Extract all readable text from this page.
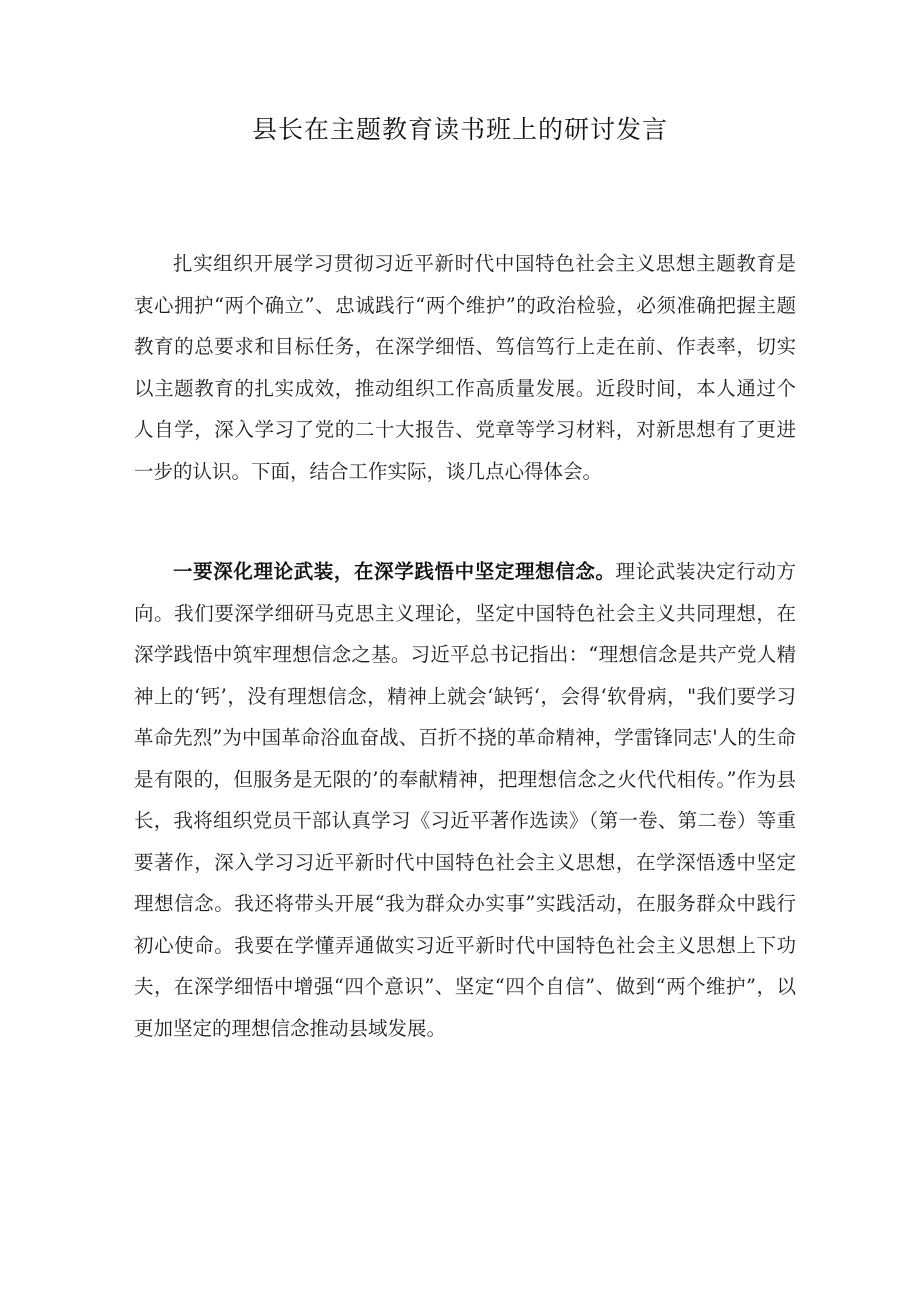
县长在主题教育读书班上的研讨发言

扎实组织开展学习贯彻习近平新时代中国特色社会主义思想主题教育是衷心拥护“两个确立”、忠诚践行“两个维护”的政治检验，必须准确把握主题教育的总要求和目标任务，在深学细悟、笃信笃行上走在前、作表率，切实以主题教育的扎实成效，推动组织工作高质量发展。近段时间，本人通过个人自学，深入学习了党的二十大报告、党章等学习材料，对新思想有了更进一步的认识。下面，结合工作实际，谈几点心得体会。

一要深化理论武装，在深学践悟中坚定理想信念。理论武装决定行动方向。我们要深学细研马克思主义理论，坚定中国特色社会主义共同理想，在深学践悟中筑牢理想信念之基。习近平总书记指出：“理想信念是共产党人精神上的‘钙’，没有理想信念，精神上就会‘缺钙‘，会得‘软骨病，"我们要学习革命先烈”为中国革命浴血奋战、百折不挠的革命精神，学雷锋同志'人的生命是有限的，但服务是无限的’的奉献精神，把理想信念之火代代相传。”作为县长，我将组织党员干部认真学习《习近平著作选读》（第一卷、第二卷）等重要著作，深入学习习近平新时代中国特色社会主义思想，在学深悟透中坚定理想信念。我还将带头开展“我为群众办实事”实践活动，在服务群众中践行初心使命。我要在学懂弄通做实习近平新时代中国特色社会主义思想上下功夫，在深学细悟中增强“四个意识”、坚定“四个自信”、做到“两个维护”，以更加坚定的理想信念推动县域发展。
